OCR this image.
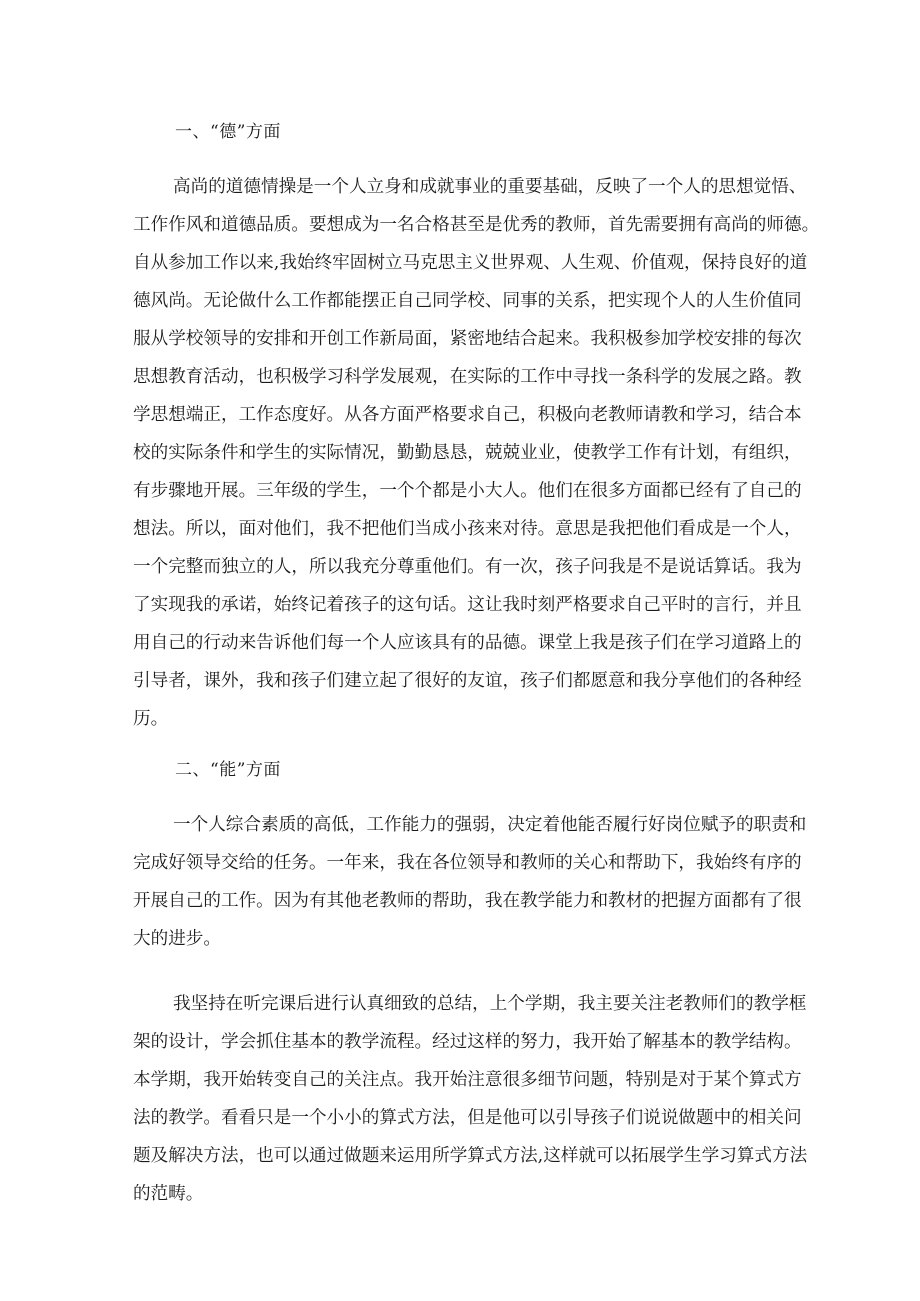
一、“德”方面
高尚的道德情操是一个人立身和成就事业的重要基础，反映了一个人的思想觉悟、
工作作风和道德品质。要想成为一名合格甚至是优秀的教师，首先需要拥有高尚的师德。
自从参加工作以来,我始终牢固树立马克思主义世界观、人生观、价值观，保持良好的道
德风尚。无论做什么工作都能摆正自己同学校、同事的关系，把实现个人的人生价值同
服从学校领导的安排和开创工作新局面，紧密地结合起来。我积极参加学校安排的每次
思想教育活动，也积极学习科学发展观，在实际的工作中寻找一条科学的发展之路。教
学思想端正，工作态度好。从各方面严格要求自己，积极向老教师请教和学习，结合本
校的实际条件和学生的实际情况，勤勤恳恳，兢兢业业，使教学工作有计划，有组织，
有步骤地开展。三年级的学生，一个个都是小大人。他们在很多方面都已经有了自己的
想法。所以，面对他们，我不把他们当成小孩来对待。意思是我把他们看成是一个人，
一个完整而独立的人，所以我充分尊重他们。有一次，孩子问我是不是说话算话。我为
了实现我的承诺，始终记着孩子的这句话。这让我时刻严格要求自己平时的言行，并且
用自己的行动来告诉他们每一个人应该具有的品德。课堂上我是孩子们在学习道路上的
引导者，课外，我和孩子们建立起了很好的友谊，孩子们都愿意和我分享他们的各种经
历。
二、“能”方面
一个人综合素质的高低，工作能力的强弱，决定着他能否履行好岗位赋予的职责和
完成好领导交给的任务。一年来，我在各位领导和教师的关心和帮助下，我始终有序的
开展自己的工作。因为有其他老教师的帮助，我在教学能力和教材的把握方面都有了很
大的进步。
我坚持在听完课后进行认真细致的总结，上个学期，我主要关注老教师们的教学框
架的设计，学会抓住基本的教学流程。经过这样的努力，我开始了解基本的教学结构。
本学期，我开始转变自己的关注点。我开始注意很多细节问题，特别是对于某个算式方
法的教学。看看只是一个小小的算式方法，但是他可以引导孩子们说说做题中的相关问
题及解决方法，也可以通过做题来运用所学算式方法,这样就可以拓展学生学习算式方法
的范畴。
